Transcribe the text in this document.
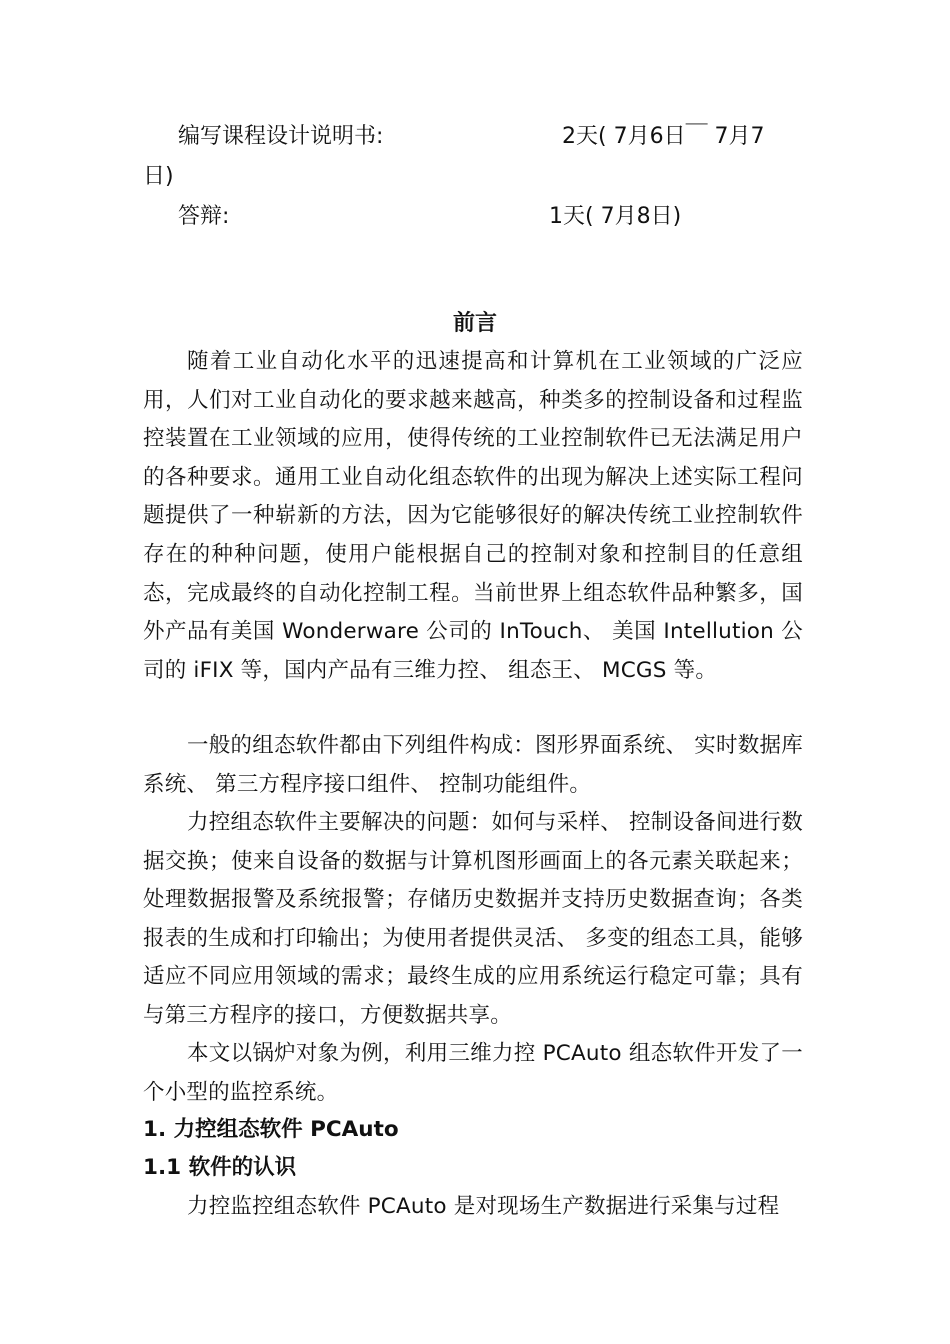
编写课程设计说明书:	2天( 7月6日￣ 7月7
日)
答辩:	1天( 7月8日)
前言
随着工业自动化水平的迅速提高和计算机在工业领域的广泛应用，人们对工业自动化的要求越来越高，种类多的控制设备和过程监控装置在工业领域的应用，使得传统的工业控制软件已无法满足用户的各种要求。通用工业自动化组态软件的出现为解决上述实际工程问题提供了一种崭新的方法，因为它能够很好的解决传统工业控制软件存在的种种问题，使用户能根据自己的控制对象和控制目的任意组态，完成最终的自动化控制工程。当前世界上组态软件品种繁多，国外产品有美国 Wonderware 公司的 InTouch、 美国 Intellution 公司的 iFIX 等，国内产品有三维力控、 组态王、 MCGS 等。
一般的组态软件都由下列组件构成：图形界面系统、 实时数据库系统、 第三方程序接口组件、 控制功能组件。
力控组态软件主要解决的问题：如何与采样、 控制设备间进行数据交换；使来自设备的数据与计算机图形画面上的各元素关联起来；处理数据报警及系统报警；存储历史数据并支持历史数据查询；各类报表的生成和打印输出；为使用者提供灵活、 多变的组态工具，能够适应不同应用领域的需求；最终生成的应用系统运行稳定可靠；具有与第三方程序的接口，方便数据共享。
本文以锅炉对象为例，利用三维力控 PCAuto 组态软件开发了一个小型的监控系统。
1. 力控组态软件 PCAuto
1.1 软件的认识
力控监控组态软件 PCAuto 是对现场生产数据进行采集与过程
